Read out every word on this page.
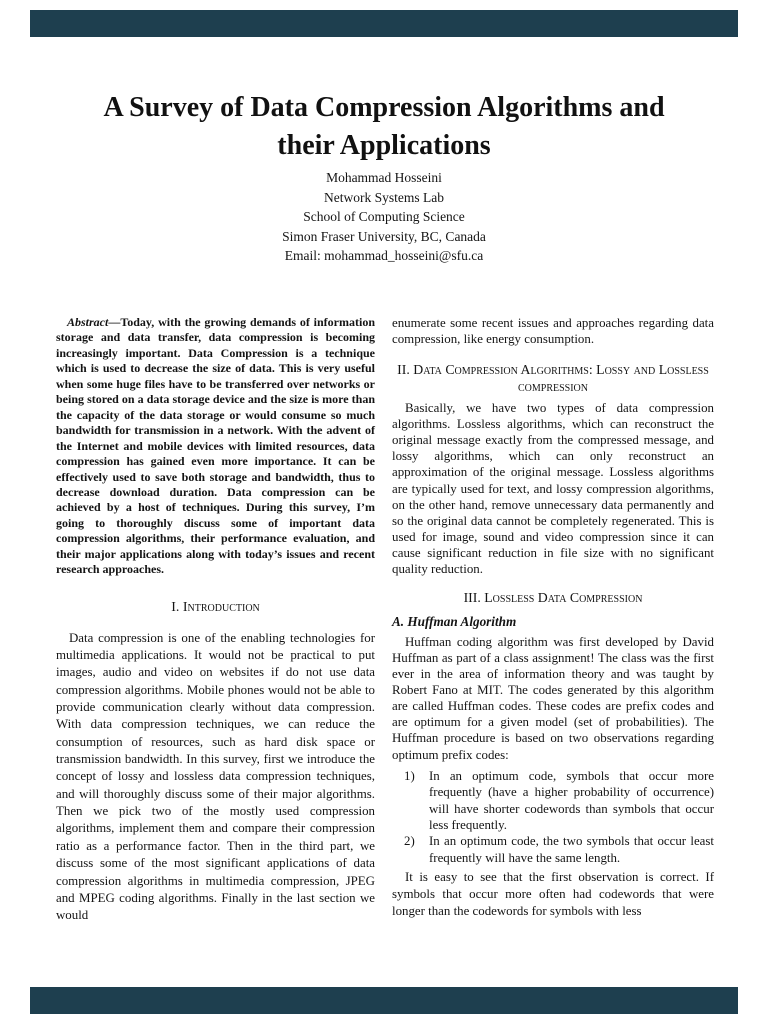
A Survey of Data Compression Algorithms and their Applications
Mohammad Hosseini
Network Systems Lab
School of Computing Science
Simon Fraser University, BC, Canada
Email: mohammad_hosseini@sfu.ca

Abstract—Today, with the growing demands of information storage and data transfer, data compression is becoming increasingly important. Data Compression is a technique which is used to decrease the size of data. This is very useful when some huge files have to be transferred over networks or being stored on a data storage device and the size is more than the capacity of the data storage or would consume so much bandwidth for transmission in a network. With the advent of the Internet and mobile devices with limited resources, data compression has gained even more importance. It can be effectively used to save both storage and bandwidth, thus to decrease download duration. Data compression can be achieved by a host of techniques. During this survey, I’m going to thoroughly discuss some of important data compression algorithms, their performance evaluation, and their major applications along with today’s issues and recent research approaches.

I. Introduction

Data compression is one of the enabling technologies for multimedia applications. It would not be practical to put images, audio and video on websites if do not use data compression algorithms. Mobile phones would not be able to provide communication clearly without data compression. With data compression techniques, we can reduce the consumption of resources, such as hard disk space or transmission bandwidth. In this survey, first we introduce the concept of lossy and lossless data compression techniques, and will thoroughly discuss some of their major algorithms. Then we pick two of the mostly used compression algorithms, implement them and compare their compression ratio as a performance factor. Then in the third part, we discuss some of the most significant applications of data compression algorithms in multimedia compression, JPEG and MPEG coding algorithms. Finally in the last section we would

enumerate some recent issues and approaches regarding data compression, like energy consumption.

II. Data Compression Algorithms: Lossy and Lossless compression

Basically, we have two types of data compression algorithms. Lossless algorithms, which can reconstruct the original message exactly from the compressed message, and lossy algorithms, which can only reconstruct an approximation of the original message. Lossless algorithms are typically used for text, and lossy compression algorithms, on the other hand, remove unnecessary data permanently and so the original data cannot be completely regenerated. This is used for image, sound and video compression since it can cause significant reduction in file size with no significant quality reduction.

III. Lossless Data Compression
A. Huffman Algorithm

Huffman coding algorithm was first developed by David Huffman as part of a class assignment! The class was the first ever in the area of information theory and was taught by Robert Fano at MIT. The codes generated by this algorithm are called Huffman codes. These codes are prefix codes and are optimum for a given model (set of probabilities). The Huffman procedure is based on two observations regarding optimum prefix codes:

1)	In an optimum code, symbols that occur more frequently (have a higher probability of occurrence) will have shorter codewords than symbols that occur less frequently.
2)	In an optimum code, the two symbols that occur least frequently will have the same length.

It is easy to see that the first observation is correct. If symbols that occur more often had codewords that were longer than the codewords for symbols with less
